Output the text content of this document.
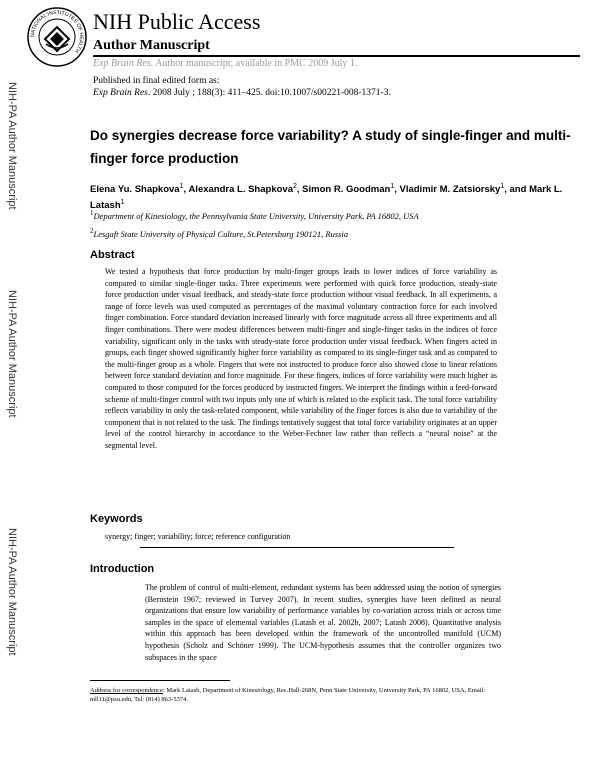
NATIONAL INSTITUTES OF HEALTH
NIH Public Access
Author Manuscript
Exp Brain Res. Author manuscript; available in PMC 2009 July 1.
Published in final edited form as:
Exp Brain Res. 2008 July ; 188(3): 411–425. doi:10.1007/s00221-008-1371-3.
NIH-PA Author Manuscript
NIH-PA Author Manuscript
NIH-PA Author Manuscript
Do synergies decrease force variability? A study of single-finger and multi-finger force production
Elena Yu. Shapkova$^1$, Alexandra L. Shapkova$^2$, Simon R. Goodman$^1$, Vladimir M. Zatsiorsky$^1$, and Mark L. Latash$^1$
$^1$Department of Kinesiology, the Pennsylvania State University, University Park, PA 16802, USA
$^2$Lesgaft State University of Physical Culture, St.Petersburg 190121, Russia
Abstract

We tested a hypothesis that force production by multi-finger groups leads to lower indices of force variability as compared to similar single-finger tasks. Three experiments were performed with quick force production, steady-state force production under visual feedback, and steady-state force production without visual feedback. In all experiments, a range of force levels was used computed as percentages of the maximal voluntary contraction force for each involved finger combination. Force standard deviation increased linearly with force magnitude across all three experiments and all finger combinations. There were modest differences between multi-finger and single-finger tasks in the indices of force variability, significant only in the tasks with steady-state force production under visual feedback. When fingers acted in groups, each finger showed significantly higher force variability as compared to its single-finger task and as compared to the multi-finger group as a whole. Fingers that were not instructed to produce force also showed close to linear relations between force standard deviation and force magnitude. For these fingers, indices of force variability were much higher as compared to those computed for the forces produced by instructed fingers. We interpret the findings within a feed-forward scheme of multi-finger control with two inputs only one of which is related to the explicit task. The total force variability reflects variability in only the task-related component, while variability of the finger forces is also due to variability of the component that is not related to the task. The findings tentatively suggest that total force variability originates at an upper level of the control hierarchy in accordance to the Weber-Fechner law rather than reflects a “neural noise” at the segmental level.

Keywords
synergy; finger; variability; force; reference configuration
Introduction

The problem of control of multi-element, redundant systems has been addressed using the notion of synergies (Bernstein 1967; reviewed in Turvey 2007). In recent studies, synergies have been defined as neural organizations that ensure low variability of performance variables by co-variation across trials or across time samples in the space of elemental variables (Latash et al. 2002b, 2007; Latash 2008). Quantitative analysis within this approach has been developed within the framework of the uncontrolled manifold (UCM) hypothesis (Scholz and Schöner 1999). The UCM-hypothesis assumes that the controller organizes two subspaces in the space

Address for correspondence: Mark Latash, Department of Kinesiology, Rec.Hall-268N, Penn State University, University Park, PA 16802, USA, Email: mll11@psu.edu, Tel: (814) 863-5374.
